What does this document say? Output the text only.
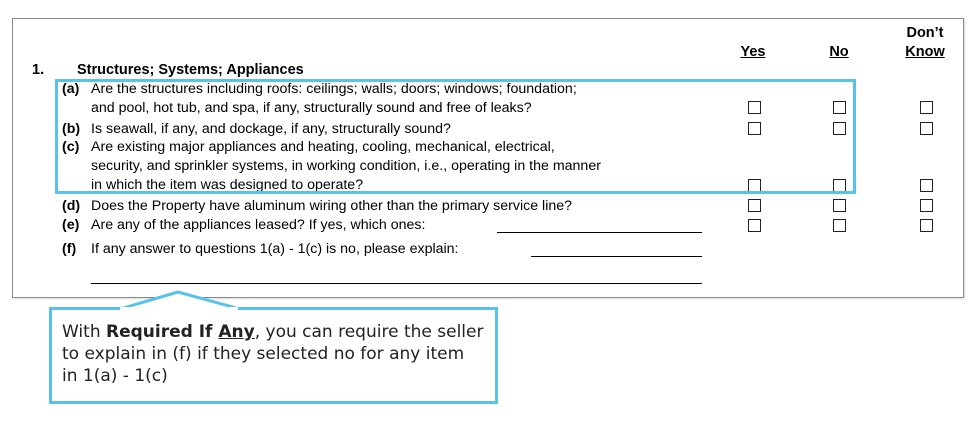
Yes	No
Don’t
Know
1. Structures; Systems; Appliances
(a) Are the structures including roofs: ceilings; walls; doors; windows; foundation;
and pool, hot tub, and spa, if any, structurally sound and free of leaks?
(b) Is seawall, if any, and dockage, if any, structurally sound?
(c) Are existing major appliances and heating, cooling, mechanical, electrical,
security, and sprinkler systems, in working condition, i.e., operating in the manner
in which the item was designed to operate?
(d) Does the Property have aluminum wiring other than the primary service line?
(e) Are any of the appliances leased? If yes, which ones:
(f) If any answer to questions 1(a) - 1(c) is no, please explain:
With Required If Any, you can require the seller to explain in (f) if they selected no for any item in 1(a) - 1(c)
